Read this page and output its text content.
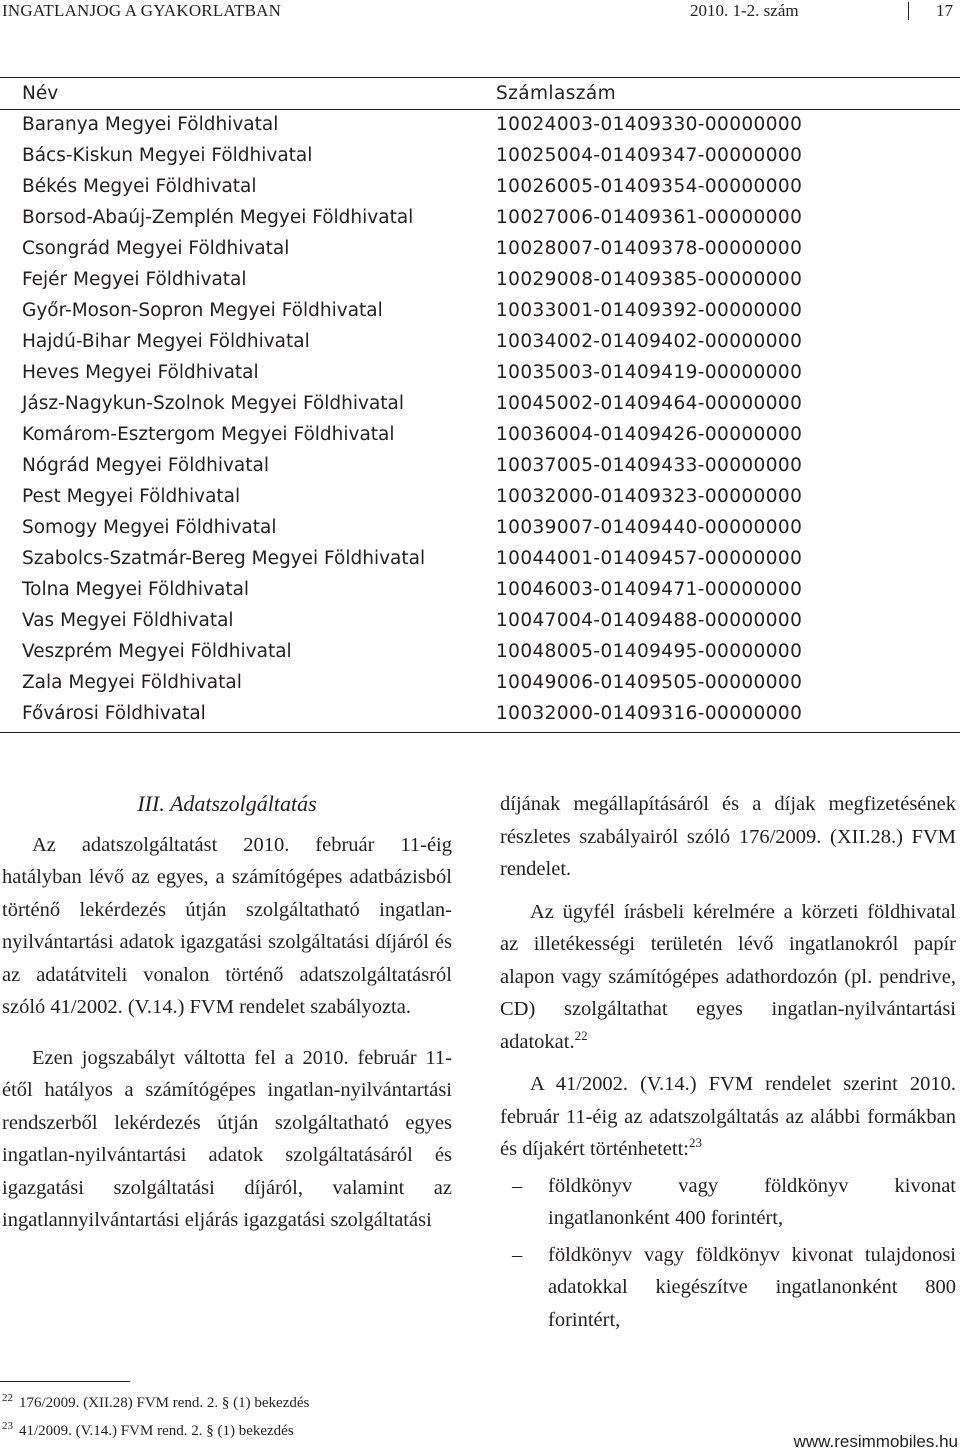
INGATLANJOG A GYAKORLATBAN	2010. 1-2. szám	17
Név	Számlaszám
Baranya Megyei Földhivatal	10024003-01409330-00000000
Bács-Kiskun Megyei Földhivatal	10025004-01409347-00000000
Békés Megyei Földhivatal	10026005-01409354-00000000
Borsod-Abaúj-Zemplén Megyei Földhivatal	10027006-01409361-00000000
Csongrád Megyei Földhivatal	10028007-01409378-00000000
Fejér Megyei Földhivatal	10029008-01409385-00000000
Győr-Moson-Sopron Megyei Földhivatal	10033001-01409392-00000000
Hajdú-Bihar Megyei Földhivatal	10034002-01409402-00000000
Heves Megyei Földhivatal	10035003-01409419-00000000
Jász-Nagykun-Szolnok Megyei Földhivatal	10045002-01409464-00000000
Komárom-Esztergom Megyei Földhivatal	10036004-01409426-00000000
Nógrád Megyei Földhivatal	10037005-01409433-00000000
Pest Megyei Földhivatal	10032000-01409323-00000000
Somogy Megyei Földhivatal	10039007-01409440-00000000
Szabolcs-Szatmár-Bereg Megyei Földhivatal	10044001-01409457-00000000
Tolna Megyei Földhivatal	10046003-01409471-00000000
Vas Megyei Földhivatal	10047004-01409488-00000000
Veszprém Megyei Földhivatal	10048005-01409495-00000000
Zala Megyei Földhivatal	10049006-01409505-00000000
Fővárosi Földhivatal	10032000-01409316-00000000
III. Adatszolgáltatás

Az adatszolgáltatást 2010. február 11-éig hatályban lévő az egyes, a számítógépes adatbázisból történő lekérdezés útján szolgáltatható ingatlan-nyilvántartási adatok igazgatási szolgáltatási díjáról és az adatátviteli vonalon történő adatszolgáltatásról szóló 41/2002. (V.14.) FVM rendelet szabályozta.

Ezen jogszabályt váltotta fel a 2010. február 11-étől hatályos a számítógépes ingatlan-nyilvántartási rendszerből lekérdezés útján szolgáltatható egyes ingatlan-nyilvántartási adatok szolgáltatásáról és igazgatási szolgáltatási díjáról, valamint az ingatlannyilvántartási eljárás igazgatási szolgáltatási

díjának megállapításáról és a díjak megfizetésének részletes szabályairól szóló 176/2009. (XII.28.) FVM rendelet.

Az ügyfél írásbeli kérelmére a körzeti földhivatal az illetékességi területén lévő ingatlanokról papír alapon vagy számítógépes adathordozón (pl. pendrive, CD) szolgáltathat egyes ingatlan-nyilvántartási adatokat.$^{22}$

A 41/2002. (V.14.) FVM rendelet szerint 2010. február 11-éig az adatszolgáltatás az alábbi formákban és díjakért történhetett:$^{23}$

– földkönyv vagy földkönyv kivonat ingatlanonként 400 forintért,
– földkönyv vagy földkönyv kivonat tulajdonosi adatokkal kiegészítve ingatlanonként 800 forintért,
$^{22}$ 176/2009. (XII.28) FVM rend. 2. § (1) bekezdés
$^{23}$ 41/2009. (V.14.) FVM rend. 2. § (1) bekezdés
www.resimmobiles.hu
